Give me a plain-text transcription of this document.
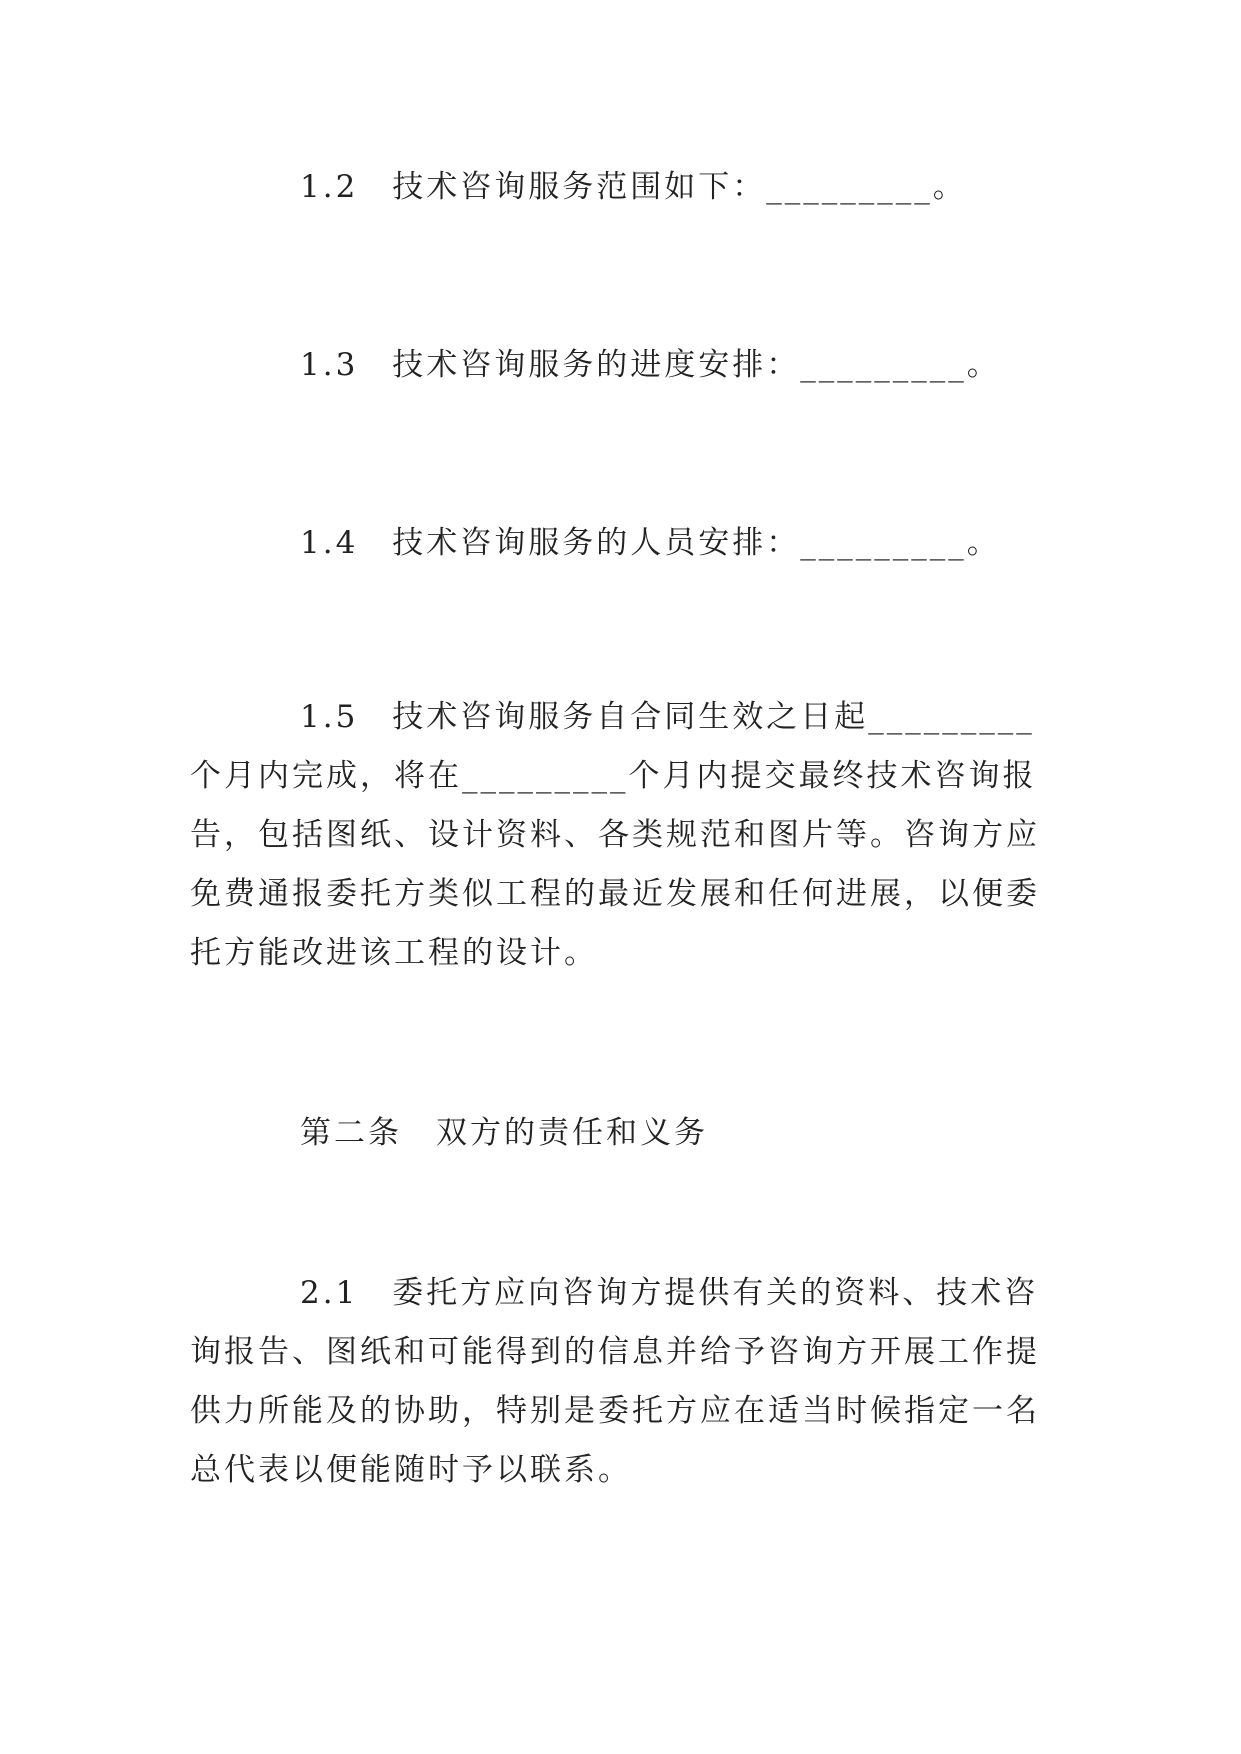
1.2　技术咨询服务范围如下：_________。

1.3　技术咨询服务的进度安排：_________。

1.4　技术咨询服务的人员安排：_________。

1.5　技术咨询服务自合同生效之日起_________个月内完成，将在_________个月内提交最终技术咨询报告，包括图纸、设计资料、各类规范和图片等。咨询方应免费通报委托方类似工程的最近发展和任何进展，以便委托方能改进该工程的设计。

第二条　双方的责任和义务

2.1　委托方应向咨询方提供有关的资料、技术咨询报告、图纸和可能得到的信息并给予咨询方开展工作提供力所能及的协助，特别是委托方应在适当时候指定一名总代表以便能随时予以联系。
